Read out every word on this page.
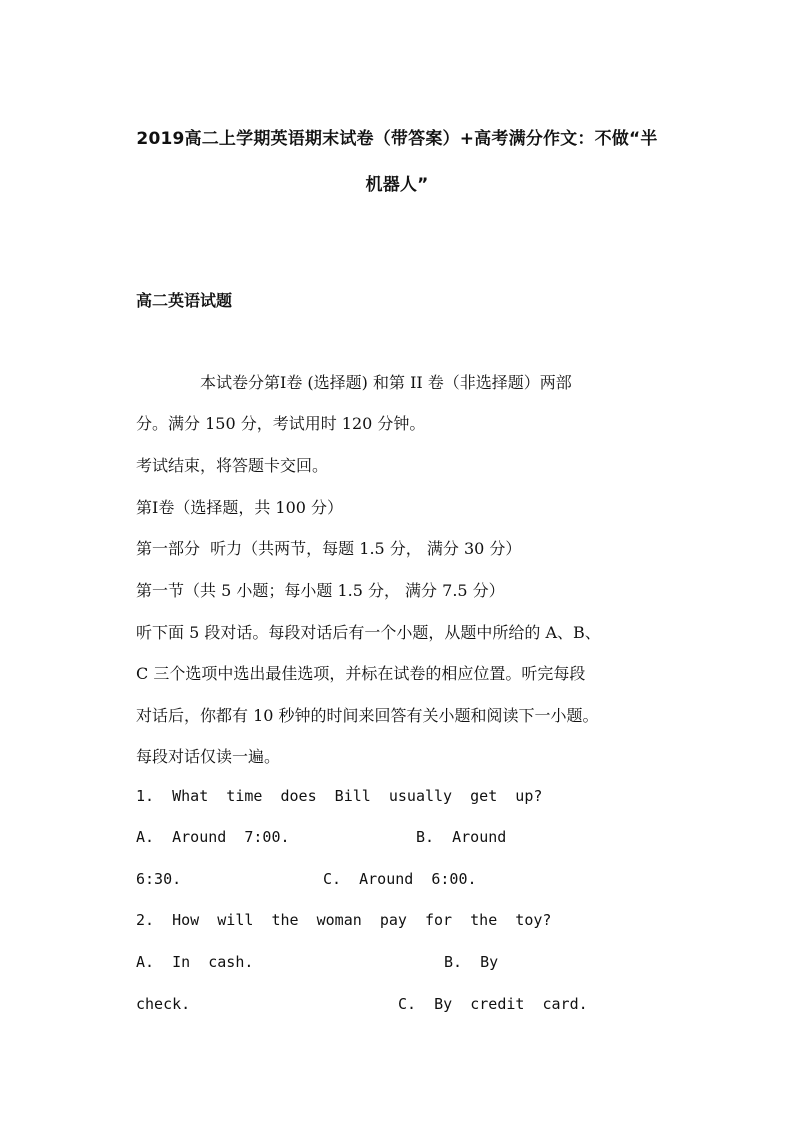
2019高二上学期英语期末试卷（带答案）+高考满分作文：不做“半
机器人”
高二英语试题
本试卷分第Ⅰ卷 (选择题) 和第 II 卷（非选择题）两部
分。满分 150 分，考试用时 120 分钟。
考试结束，将答题卡交回。
第Ⅰ卷（选择题，共 100 分）
第一部分  听力（共两节，每题 1.5 分， 满分 30 分）
第一节（共 5 小题；每小题 1.5 分， 满分 7.5 分）
听下面 5 段对话。每段对话后有一个小题，从题中所给的 A、B、
C 三个选项中选出最佳选项，并标在试卷的相应位置。听完每段
对话后，你都有 10 秒钟的时间来回答有关小题和阅读下一小题。
每段对话仅读一遍。
1.  What  time  does  Bill  usually  get  up?
A.  Around  7:00.	B.  Around
6:30.	C.  Around  6:00.
2.  How  will  the  woman  pay  for  the  toy?
A.  In  cash.	B.  By
check.	C.  By  credit  card.
